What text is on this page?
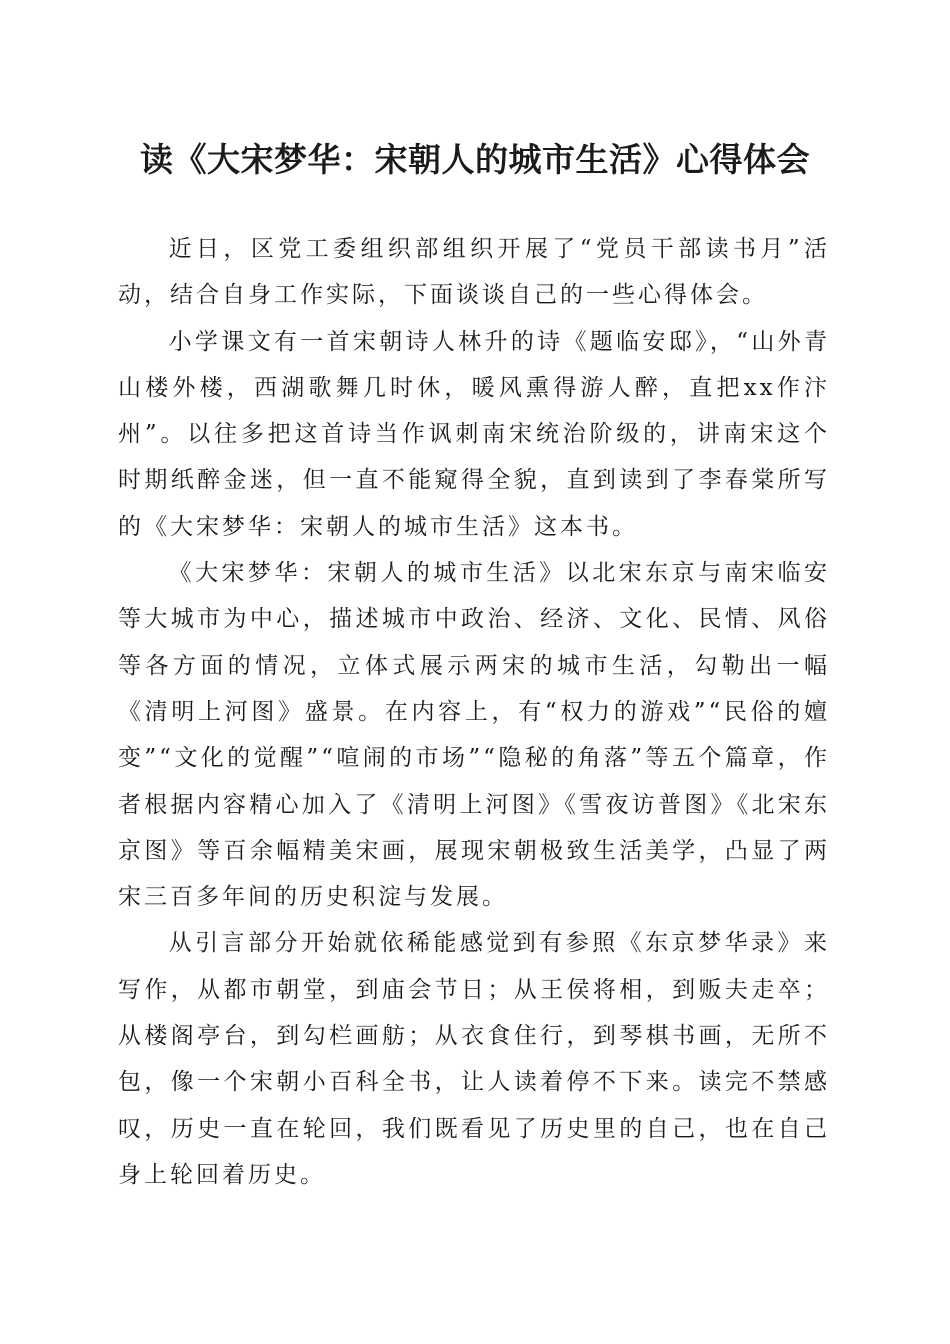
读《大宋梦华：宋朝人的城市生活》心得体会

近日，区党工委组织部组织开展了“党员干部读书月”活动，结合自身工作实际，下面谈谈自己的一些心得体会。

小学课文有一首宋朝诗人林升的诗《题临安邸》，“山外青山楼外楼，西湖歌舞几时休，暖风熏得游人醉，直把xx作汴州”。以往多把这首诗当作讽刺南宋统治阶级的，讲南宋这个时期纸醉金迷，但一直不能窥得全貌，直到读到了李春棠所写的《大宋梦华：宋朝人的城市生活》这本书。

《大宋梦华：宋朝人的城市生活》以北宋东京与南宋临安等大城市为中心，描述城市中政治、经济、文化、民情、风俗等各方面的情况，立体式展示两宋的城市生活，勾勒出一幅《清明上河图》盛景。在内容上，有“权力的游戏”“民俗的嬗变”“文化的觉醒”“喧闹的市场”“隐秘的角落”等五个篇章，作者根据内容精心加入了《清明上河图》《雪夜访普图》《北宋东京图》等百余幅精美宋画，展现宋朝极致生活美学，凸显了两宋三百多年间的历史积淀与发展。

从引言部分开始就依稀能感觉到有参照《东京梦华录》来写作，从都市朝堂，到庙会节日；从王侯将相，到贩夫走卒；从楼阁亭台，到勾栏画舫；从衣食住行，到琴棋书画，无所不包，像一个宋朝小百科全书，让人读着停不下来。读完不禁感叹，历史一直在轮回，我们既看见了历史里的自己，也在自己身上轮回着历史。
